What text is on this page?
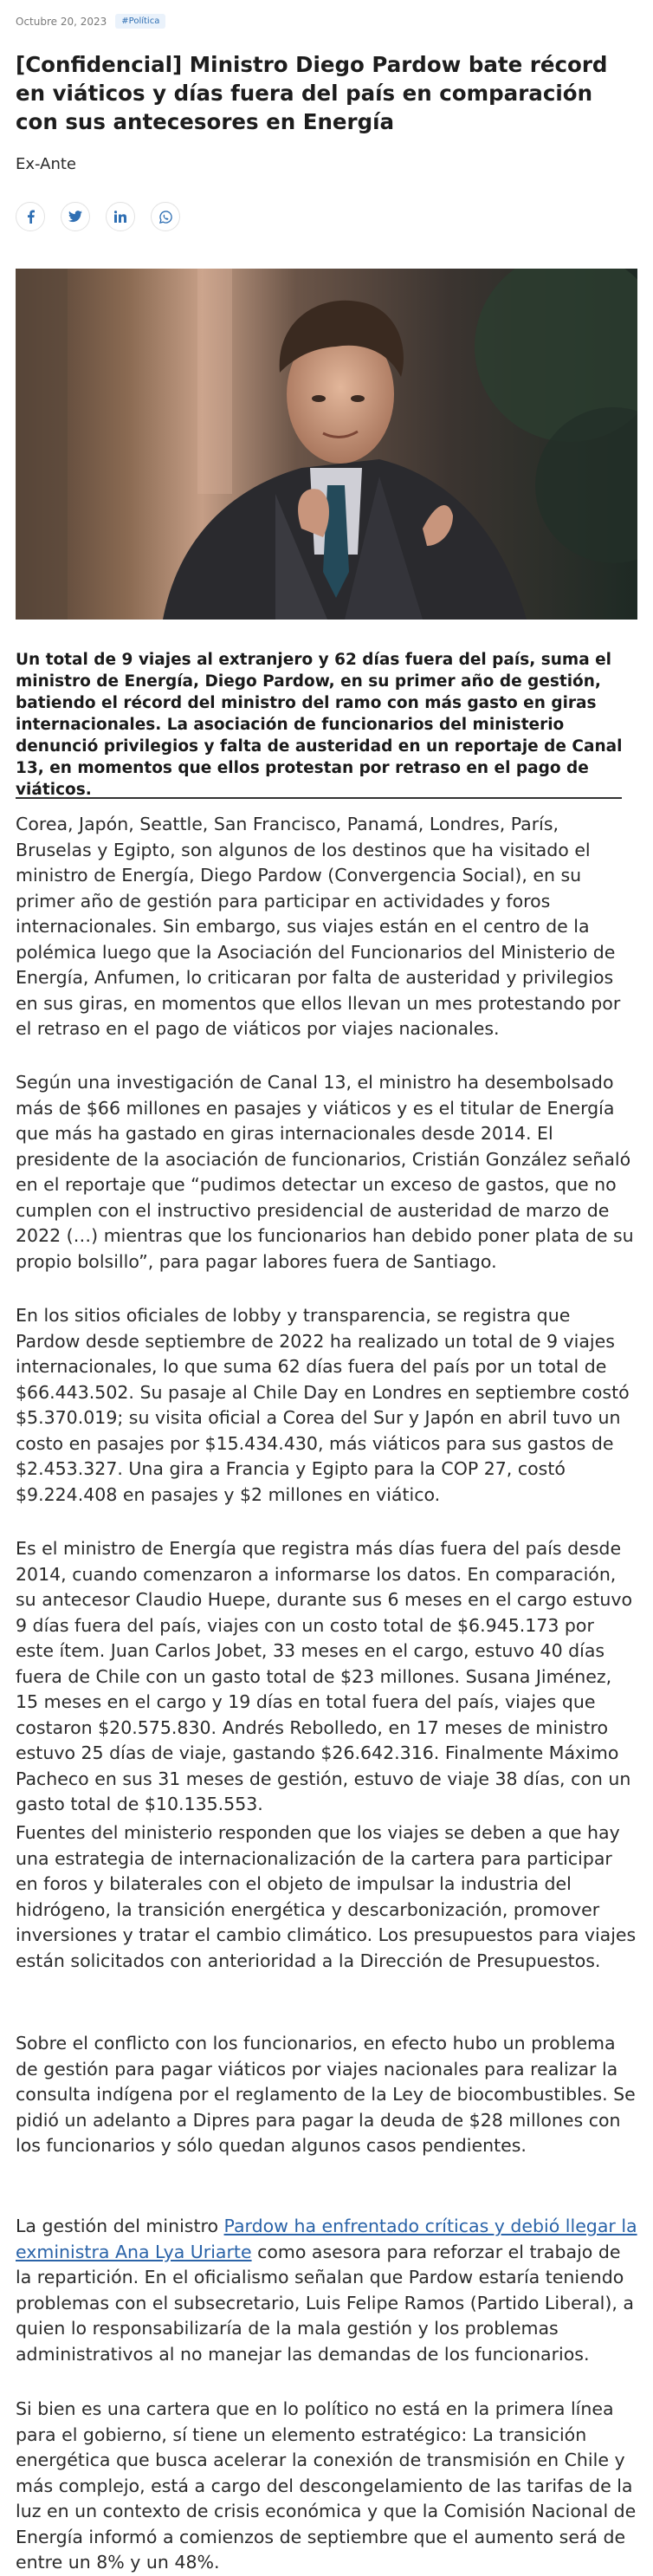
Octubre 20, 2023	#Política
[Confidencial] Ministro Diego Pardow bate récord en viáticos y días fuera del país en comparación con sus antecesores en Energía
Ex-Ante

Un total de 9 viajes al extranjero y 62 días fuera del país, suma el ministro de Energía, Diego Pardow, en su primer año de gestión, batiendo el récord del ministro del ramo con más gasto en giras internacionales. La asociación de funcionarios del ministerio denunció privilegios y falta de austeridad en un reportaje de Canal 13, en momentos que ellos protestan por retraso en el pago de viáticos.

Corea, Japón, Seattle, San Francisco, Panamá, Londres, París, Bruselas y Egipto, son algunos de los destinos que ha visitado el ministro de Energía, Diego Pardow (Convergencia Social), en su primer año de gestión para participar en actividades y foros internacionales. Sin embargo, sus viajes están en el centro de la polémica luego que la Asociación del Funcionarios del Ministerio de Energía, Anfumen, lo criticaran por falta de austeridad y privilegios en sus giras, en momentos que ellos llevan un mes protestando por el retraso en el pago de viáticos por viajes nacionales.

Según una investigación de Canal 13, el ministro ha desembolsado más de $66 millones en pasajes y viáticos y es el titular de Energía que más ha gastado en giras internacionales desde 2014. El presidente de la asociación de funcionarios, Cristián González señaló en el reportaje que “pudimos detectar un exceso de gastos, que no cumplen con el instructivo presidencial de austeridad de marzo de 2022 (…) mientras que los funcionarios han debido poner plata de su propio bolsillo”, para pagar labores fuera de Santiago.

En los sitios oficiales de lobby y transparencia, se registra que Pardow desde septiembre de 2022 ha realizado un total de 9 viajes internacionales, lo que suma 62 días fuera del país por un total de $66.443.502. Su pasaje al Chile Day en Londres en septiembre costó $5.370.019; su visita oficial a Corea del Sur y Japón en abril tuvo un costo en pasajes por $15.434.430, más viáticos para sus gastos de $2.453.327. Una gira a Francia y Egipto para la COP 27, costó $9.224.408 en pasajes y $2 millones en viático.

Es el ministro de Energía que registra más días fuera del país desde 2014, cuando comenzaron a informarse los datos. En comparación, su antecesor Claudio Huepe, durante sus 6 meses en el cargo estuvo 9 días fuera del país, viajes con un costo total de $6.945.173 por este ítem. Juan Carlos Jobet, 33 meses en el cargo, estuvo 40 días fuera de Chile con un gasto total de $23 millones. Susana Jiménez, 15 meses en el cargo y 19 días en total fuera del país, viajes que costaron $20.575.830. Andrés Rebolledo, en 17 meses de ministro estuvo 25 días de viaje, gastando $26.642.316. Finalmente Máximo Pacheco en sus 31 meses de gestión, estuvo de viaje 38 días, con un gasto total de $10.135.553.

Fuentes del ministerio responden que los viajes se deben a que hay una estrategia de internacionalización de la cartera para participar en foros y bilaterales con el objeto de impulsar la industria del hidrógeno, la transición energética y descarbonización, promover inversiones y tratar el cambio climático. Los presupuestos para viajes están solicitados con anterioridad a la Dirección de Presupuestos.

Sobre el conflicto con los funcionarios, en efecto hubo un problema de gestión para pagar viáticos por viajes nacionales para realizar la consulta indígena por el reglamento de la Ley de biocombustibles. Se pidió un adelanto a Dipres para pagar la deuda de $28 millones con los funcionarios y sólo quedan algunos casos pendientes.

La gestión del ministro Pardow ha enfrentado críticas y debió llegar la exministra Ana Lya Uriarte como asesora para reforzar el trabajo de la repartición. En el oficialismo señalan que Pardow estaría teniendo problemas con el subsecretario, Luis Felipe Ramos (Partido Liberal), a quien lo responsabilizaría de la mala gestión y los problemas administrativos al no manejar las demandas de los funcionarios.

Si bien es una cartera que en lo político no está en la primera línea para el gobierno, sí tiene un elemento estratégico: La transición energética que busca acelerar la conexión de transmisión en Chile y más complejo, está a cargo del descongelamiento de las tarifas de la luz en un contexto de crisis económica y que la Comisión Nacional de Energía informó a comienzos de septiembre que el aumento será de entre un 8% y un 48%.
